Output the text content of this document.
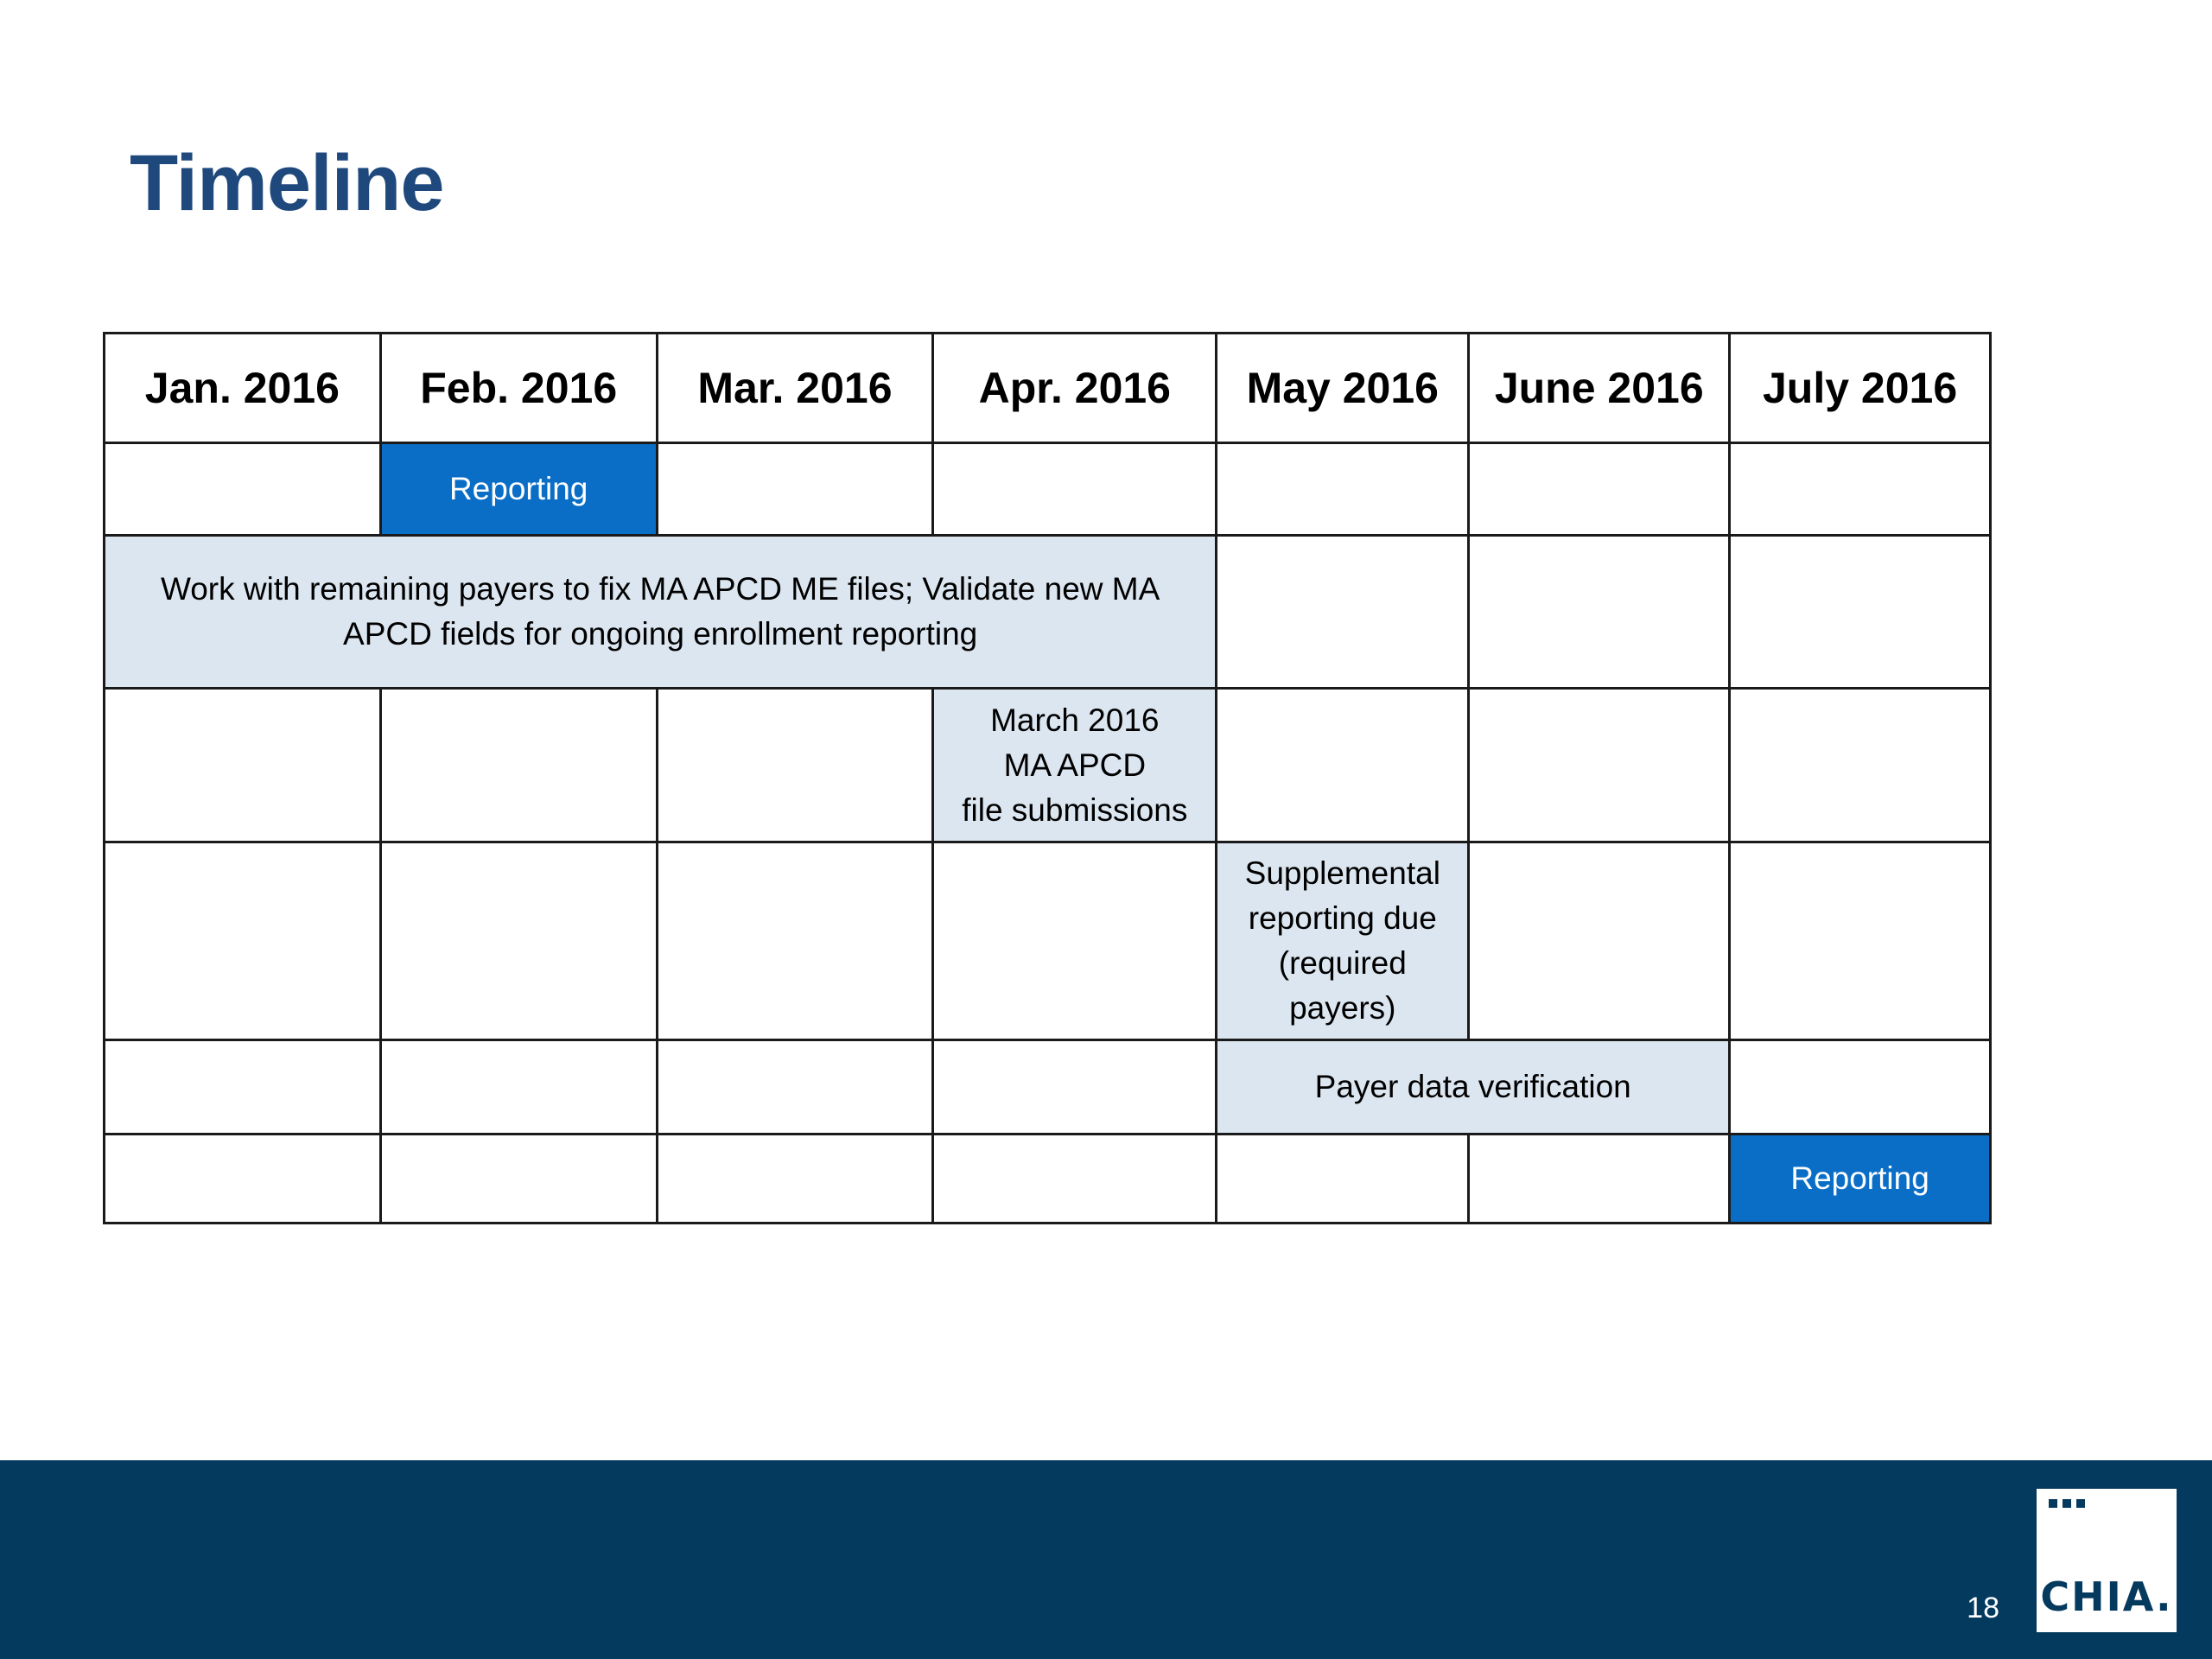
Timeline
Jan. 2016	Feb. 2016	Mar. 2016	Apr. 2016	May 2016	June 2016	July 2016
	Reporting					
Work with remaining payers to fix MA APCD ME files; Validate new MA APCD fields for ongoing enrollment reporting						

			March 2016
MA APCD
file submissions			

				Supplemental
reporting due
(required
payers)		

				Payer data verification		
						Reporting
18 CHIA.
